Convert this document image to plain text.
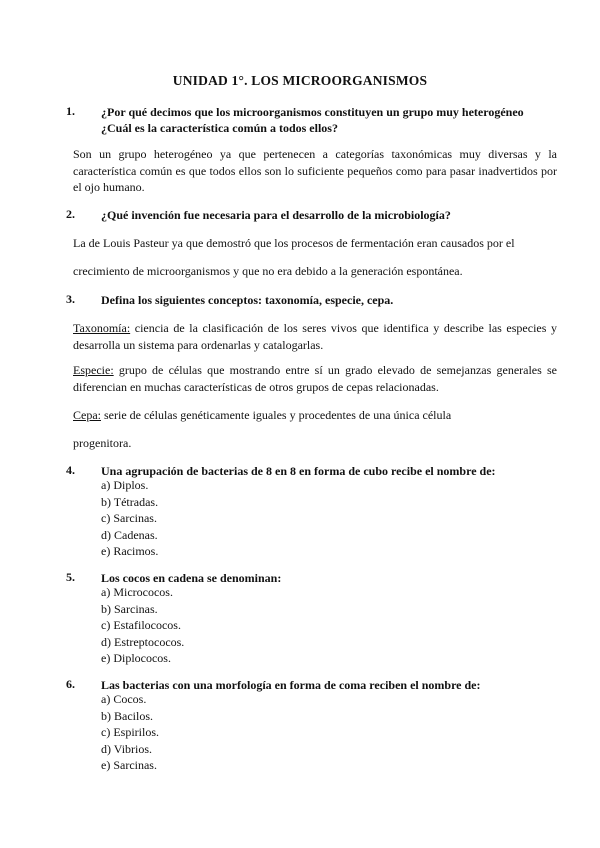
UNIDAD 1°. LOS MICROORGANISMOS
1. ¿Por qué decimos que los microorganismos constituyen un grupo muy heterogéneo
¿Cuál es la característica común a todos ellos?
Son un grupo heterogéneo ya que pertenecen a categorías taxonómicas muy diversas y la característica común es que todos ellos son lo suficiente pequeños como para pasar inadvertidos por el ojo humano.
2. ¿Qué invención fue necesaria para el desarrollo de la microbiología?
La de Louis Pasteur ya que demostró que los procesos de fermentación eran causados por el
crecimiento de microorganismos y que no era debido a la generación espontánea.
3. Defina los siguientes conceptos: taxonomía, especie, cepa.
Taxonomía: ciencia de la clasificación de los seres vivos que identifica y describe las especies y desarrolla un sistema para ordenarlas y catalogarlas.
Especie: grupo de células que mostrando entre sí un grado elevado de semejanzas generales se diferencian en muchas características de otros grupos de cepas relacionadas.
Cepa: serie de células genéticamente iguales y procedentes de una única célula
progenitora.
4. Una agrupación de bacterias de 8 en 8 en forma de cubo recibe el nombre de:
a) Diplos.
b) Tétradas.
c) Sarcinas.
d) Cadenas.
e) Racimos.
5. Los cocos en cadena se denominan:
a) Micrococos.
b) Sarcinas.
c) Estafilococos.
d) Estreptococos.
e) Diplococos.
6. Las bacterias con una morfología en forma de coma reciben el nombre de:
a) Cocos.
b) Bacilos.
c) Espirilos.
d) Vibrios.
e) Sarcinas.
